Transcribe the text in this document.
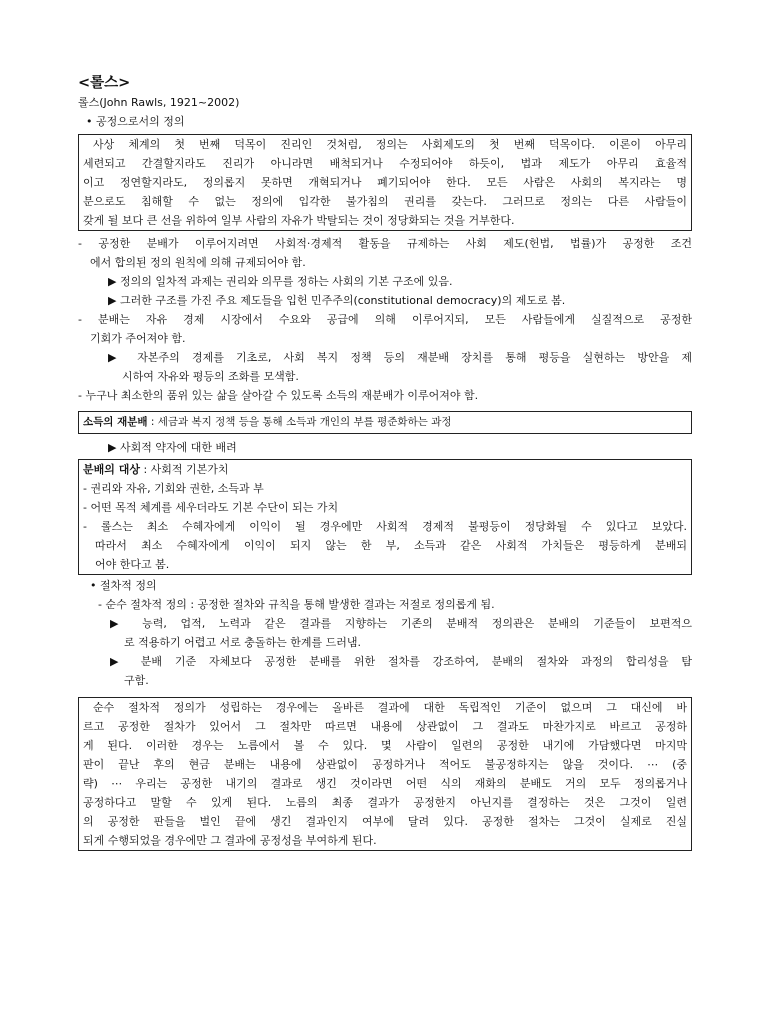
<롤스>
롤스(John Rawls, 1921~2002)
• 공정으로서의 정의
사상 체계의 첫 번째 덕목이 진리인 것처럼, 정의는 사회제도의 첫 번째 덕목이다. 이론이 아무리
세련되고 간결할지라도 진리가 아니라면 배척되거나 수정되어야 하듯이, 법과 제도가 아무리 효율적
이고 정연할지라도, 정의롭지 못하면 개혁되거나 폐기되어야 한다. 모든 사람은 사회의 복지라는 명
분으로도 침해할 수 없는 정의에 입각한 불가침의 권리를 갖는다. 그러므로 정의는 다른 사람들이
갖게 될 보다 큰 선을 위하여 일부 사람의 자유가 박탈되는 것이 정당화되는 것을 거부한다.
- 공정한 분배가 이루어지려면 사회적·경제적 활동을 규제하는 사회 제도(헌법, 법률)가 공정한 조건
에서 합의된 정의 원칙에 의해 규제되어야 함.
▶ 정의의 일차적 과제는 권리와 의무를 정하는 사회의 기본 구조에 있음.
▶ 그러한 구조를 가진 주요 제도들을 입헌 민주주의(constitutional democracy)의 제도로 봄.
- 분배는 자유 경제 시장에서 수요와 공급에 의해 이루어지되, 모든 사람들에게 실질적으로 공정한
기회가 주어져야 함.
▶ 자본주의 경제를 기초로, 사회 복지 정책 등의 재분배 장치를 통해 평등을 실현하는 방안을 제
시하여 자유와 평등의 조화를 모색함.
- 누구나 최소한의 품위 있는 삶을 살아갈 수 있도록 소득의 재분배가 이루어져야 함.
소득의 재분배 : 세금과 복지 정책 등을 통해 소득과 개인의 부를 평준화하는 과정
▶ 사회적 약자에 대한 배려
분배의 대상 : 사회적 기본가치
- 권리와 자유, 기회와 권한, 소득과 부
- 어떤 목적 체계를 세우더라도 기본 수단이 되는 가치
- 롤스는 최소 수혜자에게 이익이 될 경우에만 사회적 경제적 불평등이 정당화될 수 있다고 보았다.
따라서 최소 수혜자에게 이익이 되지 않는 한 부, 소득과 같은 사회적 가치들은 평등하게 분배되
어야 한다고 봄.
• 절차적 정의
- 순수 절차적 정의 : 공정한 절차와 규칙을 통해 발생한 결과는 저절로 정의롭게 됨.
▶ 능력, 업적, 노력과 같은 결과를 지향하는 기존의 분배적 정의관은 분배의 기준들이 보편적으
로 적용하기 어렵고 서로 충돌하는 한계를 드러냄.
▶ 분배 기준 자체보다 공정한 분배를 위한 절차를 강조하여, 분배의 절차와 과정의 합리성을 탐
구함.
순수 절차적 정의가 성립하는 경우에는 올바른 결과에 대한 독립적인 기준이 없으며 그 대신에 바
르고 공정한 절차가 있어서 그 절차만 따르면 내용에 상관없이 그 결과도 마찬가지로 바르고 공정하
게 된다. 이러한 경우는 노름에서 볼 수 있다. 몇 사람이 일련의 공정한 내기에 가담했다면 마지막
판이 끝난 후의 현금 분배는 내용에 상관없이 공정하거나 적어도 불공정하지는 않을 것이다. ⋯ (중
략) ⋯ 우리는 공정한 내기의 결과로 생긴 것이라면 어떤 식의 재화의 분배도 거의 모두 정의롭거나
공정하다고 말할 수 있게 된다. 노름의 최종 결과가 공정한지 아닌지를 결정하는 것은 그것이 일련
의 공정한 판들을 벌인 끝에 생긴 결과인지 여부에 달려 있다. 공정한 절차는 그것이 실제로 진실
되게 수행되었을 경우에만 그 결과에 공정성을 부여하게 된다.
